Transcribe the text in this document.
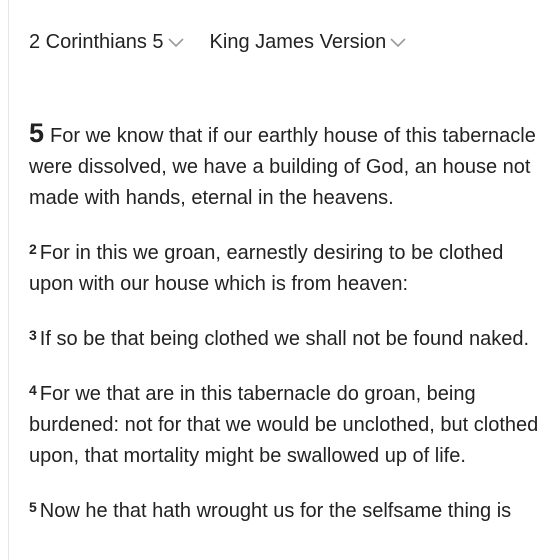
2 Corinthians 5 King James Version

5 For we know that if our earthly house of this tabernacle were dissolved, we have a building of God, an house not made with hands, eternal in the heavens.

$^2$ For in this we groan, earnestly desiring to be clothed upon with our house which is from heaven:

$^3$ If so be that being clothed we shall not be found naked.

$^4$ For we that are in this tabernacle do groan, being burdened: not for that we would be unclothed, but clothed upon, that mortality might be swallowed up of life.

$^5$ Now he that hath wrought us for the selfsame thing is
